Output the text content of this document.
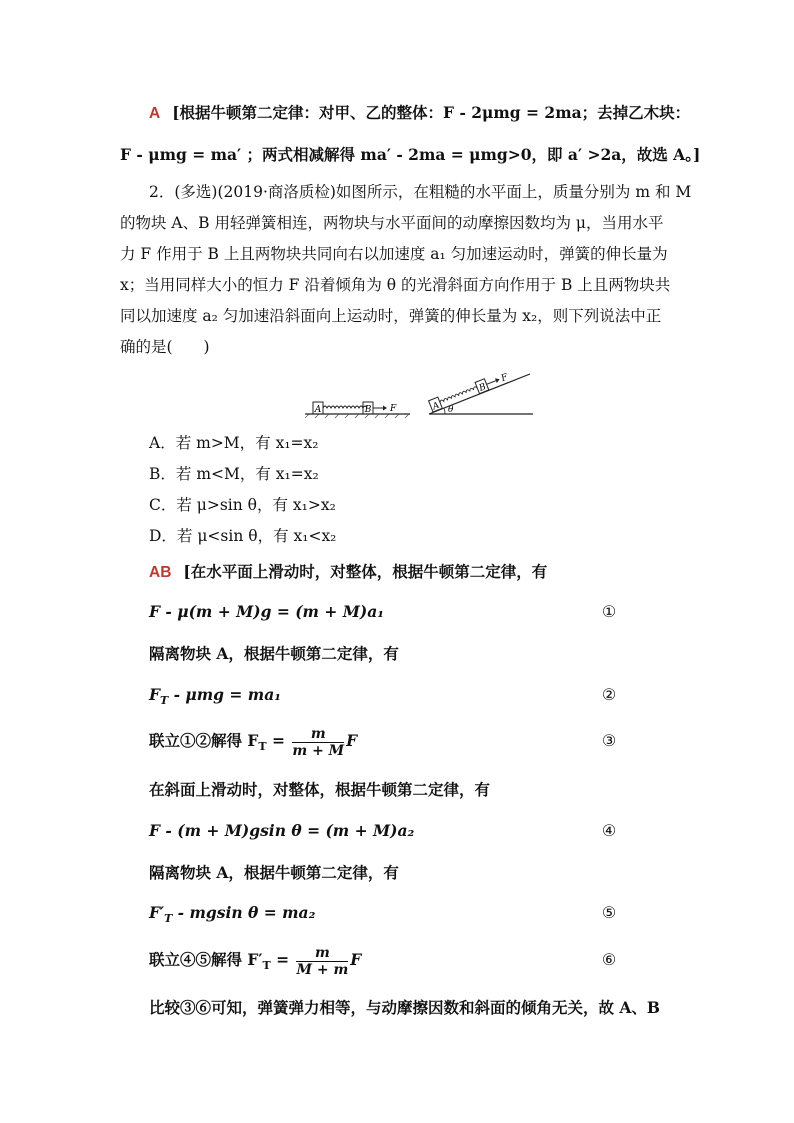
A [根据牛顿第二定律：对甲、乙的整体：F - 2μmg = 2ma；去掉乙木块：
F - μmg = ma′ ；两式相减解得 ma′ - 2ma = μmg>0，即 a′ >2a，故选 A。]
2．(多选)(2019·商洛质检)如图所示，在粗糙的水平面上，质量分别为 m 和 M
的物块 A、B 用轻弹簧相连，两物块与水平面间的动摩擦因数均为 μ，当用水平
力 F 作用于 B 上且两物块共同向右以加速度 a₁ 匀加速运动时，弹簧的伸长量为
x；当用同样大小的恒力 F 沿着倾角为 θ 的光滑斜面方向作用于 B 上且两物块共
同以加速度 a₂ 匀加速沿斜面向上运动时，弹簧的伸长量为 x₂，则下列说法中正
确的是(　　)
A	B F	A
B
F
θ
A．若 m>M，有 x₁=x₂
B．若 m<M，有 x₁=x₂
C．若 μ>sin θ，有 x₁>x₂
D．若 μ<sin θ，有 x₁<x₂
AB [在水平面上滑动时，对整体，根据牛顿第二定律，有
F - μ(m + M)g = (m + M)a₁	①
隔离物块 A，根据牛顿第二定律，有
$F_T - \mu mg = ma_1$	②
联立①②解得 $F_T = \frac{m}{m + M}$ F	③
在斜面上滑动时，对整体，根据牛顿第二定律，有
F - (m + M)gsin θ = (m + M)a₂	④
隔离物块 A，根据牛顿第二定律，有
$F'_T$ - mgsin θ = ma₂	⑤
联立④⑤解得 $F'_T = \frac{m}{M + m}$ F	⑥
比较③⑥可知，弹簧弹力相等，与动摩擦因数和斜面的倾角无关，故 A、B
